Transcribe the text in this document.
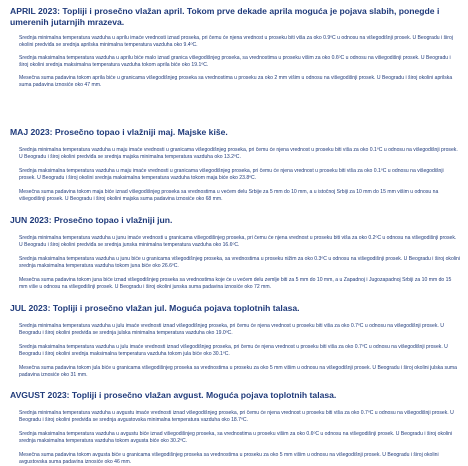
APRIL 2023: Topliji i prosečno vlažan april. Tokom prve dekade aprila moguća je pojava slabih, ponegde i umerenih jutarnjih mrazeva.

Srednja minimalna temperatura vazduha u aprilu imaće vrednosti iznad proseka, pri čemu će njena vrednost u proseku biti viša za oko 0.9ºC u odnosu na višegodišnji prosek. U Beogradu i široj okolini predviđa se srednja aprilska minimalna temperatura vazduha oko 9.4ºC.

Srednja maksimalna temperatura vazduha u aprilu biće malo iznad granica višegodišnjeg proseka, sa vrednostima u proseku višim za oko 0.6ºC u odnosu na višegodišnji prosek. U Beogradu i široj okolini srednja maksimalna temperatura vazduha tokom aprila biće oko 19.1ºC.

Mesečna suma padavina tokom aprila biće u granicama višegodišnjeg proseka sa vrednostima u proseku za oko 2 mm višim u odnosu na višegodišnji prosek. U Beogradu i široj okolini aprilska suma padavina iznosiće oko 47 mm.

MAJ 2023: Prosečno topao i vlažniji maj. Majske kiše.

Srednja minimalna temperatura vazduha u maju imaće vrednosti u granicama višegodišnjeg proseka, pri čemu će njena vrednost u proseku biti viša za oko 0.1ºC u odnosu na višegodišnji prosek. U Beogradu i široj okolini predviđa se srednja majska minimalna temperatura vazduha oko 13.2ºC.

Srednja maksimalna temperatura vazduha u maju imaće vrednosti u granicama višegodišnjeg proseka, pri čemu će njena vrednost u proseku biti viša za oko 0.1ºC u odnosu na višegodišnji prosek. U Beogradu i široj okolini srednja maksimalna temperatura vazduha tokom maja biće oko 23.8ºC.

Mesečna suma padavina tokom maja biće iznad višegodišnjeg proseka sa vrednostima u većem delu Srbije za 5 mm do 10 mm, a u istočnoj Srbiji za 10 mm do 15 mm višim u odnosu na višegodišnji prosek. U Beogradu i široj okolini majska suma padavina iznosiće oko 68 mm.

JUN 2023: Prosečno topao i vlažniji jun.

Srednja minimalna temperatura vazduha u junu imaće vrednosti u granicama višegodišnjeg proseka, pri čemu će njena vrednost u proseku biti viša za oko 0.2ºC u odnosu na višegodišnji prosek. U Beogradu i široj okolini predviđa se srednja junska minimalna temperatura vazduha oko 16.6ºC.

Srednja maksimalna temperatura vazduha u junu biće u granicama višegodišnjeg proseka, sa vrednostima u proseku nižim za oko 0.3ºC u odnosu na višegodišnji prosek. U Beogradu i široj okolini srednja maksimalna temperatura vazduha tokom juna biće oko 26.6ºC.

Mesečna suma padavina tokom juna biće iznad višegodišnjeg proseka sa vrednostima koje će u većem delu zemlje biti za 5 mm do 10 mm, a u Zapadnoj i Jugozapadnoj Srbiji za 10 mm do 15 mm više u odnosu na višegodišnji prosek. U Beogradu i široj okolini junska suma padavina iznosiće oko 72 mm.

JUL 2023: Topliji i prosečno vlažan jul. Moguća pojava toplotnih talasa.

Srednja minimalna temperatura vazduha u julu imaće vrednosti iznad višegodišnjeg proseka, pri čemu će njena vrednost u proseku biti viša za oko 0.7ºC u odnosu na višegodišnji prosek. U Beogradu i široj okolini predviđa se srednja julska minimalna temperatura vazduha oko 19.0ºC.

Srednja maksimalna temperatura vazduha u julu imaće vrednosti iznad višegodišnjeg proseka, pri čemu će njena vrednost u proseku biti viša za oko 0.7ºC u odnosu na višegodišnji prosek. U Beogradu i široj okolini srednja maksimalna temperatura vazduha tokom jula biće oko 30.1ºC.

Mesečna suma padavina tokom jula biće u granicama višegodišnjeg proseka sa vrednostima u proseku za oko 5 mm višim u odnosu na višegodišnji prosek. U Beogradu i široj okolini julska suma padavina iznosiće oko 31 mm.

AVGUST 2023: Topliji i prosečno vlažan avgust. Moguća pojava toplotnih talasa.

Srednja minimalna temperatura vazduha u avgustu imaće vrednosti iznad višegodišnjeg proseka, pri čemu će njena vrednost u proseku biti viša za oko 0.7ºC u odnosu na višegodišnji prosek. U Beogradu i široj okolini predviđa se srednja avgustovska minimalna temperatura vazduha oko 18.7ºC.

Srednja maksimalna temperatura vazduha u avgustu biće iznad višegodišnjeg proseka, sa vrednostima u proseku višim za oko 0.6ºC u odnosu na višegodišnji prosek. U Beogradu i široj okolini srednja maksimalna temperatura vazduha tokom avgusta biće oko 30.2ºC.

Mesečna suma padavina tokom avgusta biće u granicama višegodišnjeg proseka sa vrednostima u proseku za oko 5 mm višim u odnosu na višegodišnji prosek. U Beogradu i široj okolini avgustovska suma padavina iznosiće oko 46 mm.
